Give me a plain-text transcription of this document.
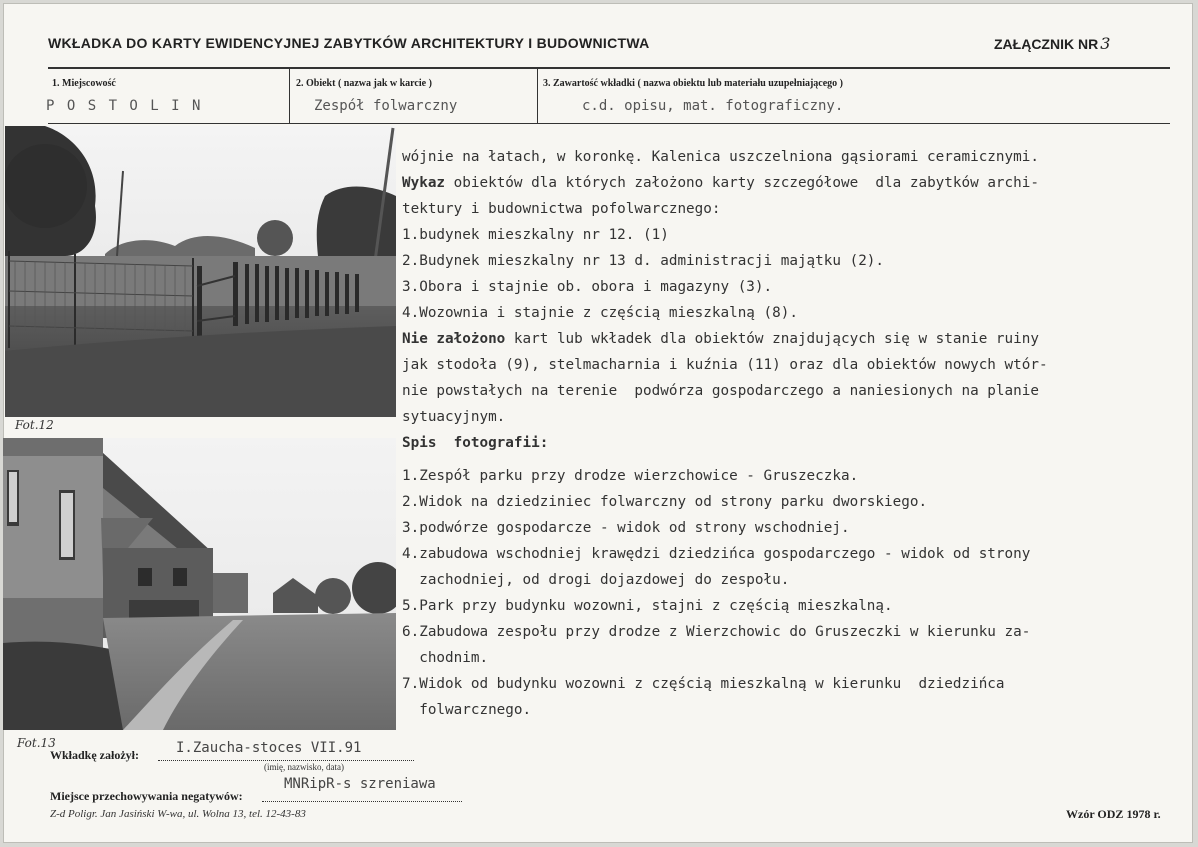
WKŁADKA DO KARTY EWIDENCYJNEJ ZABYTKÓW ARCHITEKTURY I BUDOWNICTWA	ZAŁĄCZNIK NR 3
1. Miejscowość
P O S T O L I N
2. Obiekt ( nazwa jak w karcie )
Zespół folwarczny
3. Zawartość wkładki ( nazwa obiektu lub materiału uzupełniającego )
c.d. opisu, mat. fotograficzny.
Fot.12
Fot.13
wójnie na łatach, w koronkę. Kalenica uszczelniona gąsiorami ceramicznymi.
Wykaz obiektów dla których założono karty szczegółowe  dla zabytków archi-
tektury i budownictwa pofolwarcznego:
1.budynek mieszkalny nr 12. (1)
2.Budynek mieszkalny nr 13 d. administracji majątku (2).
3.Obora i stajnie ob. obora i magazyny (3).
4.Wozownia i stajnie z częścią mieszkalną (8).
Nie założono kart lub wkładek dla obiektów znajdujących się w stanie ruiny
jak stodoła (9), stelmacharnia i kuźnia (11) oraz dla obiektów nowych wtór-
nie powstałych na terenie  podwórza gospodarczego a naniesionych na planie
sytuacyjnym.
Spis  fotografii:
1.Zespół parku przy drodze wierzchowice - Gruszeczka.
2.Widok na dziedziniec folwarczny od strony parku dworskiego.
3.podwórze gospodarcze - widok od strony wschodniej.
4.zabudowa wschodniej krawędzi dziedzińca gospodarczego - widok od strony
zachodniej, od drogi dojazdowej do zespołu.
5.Park przy budynku wozowni, stajni z częścią mieszkalną.
6.Zabudowa zespołu przy drodze z Wierzchowic do Gruszeczki w kierunku za-
chodnim.
7.Widok od budynku wozowni z częścią mieszkalną w kierunku  dziedzińca
folwarcznego.
Wkładkę założył:	I.Zaucha-stoces VII.91
(imię, nazwisko, data)
Miejsce przechowywania negatywów:
MNRipR-s szreniawa
Z-d Poligr. Jan Jasiński W-wa, ul. Wolna 13, tel. 12-43-83	Wzór ODZ 1978 r.
